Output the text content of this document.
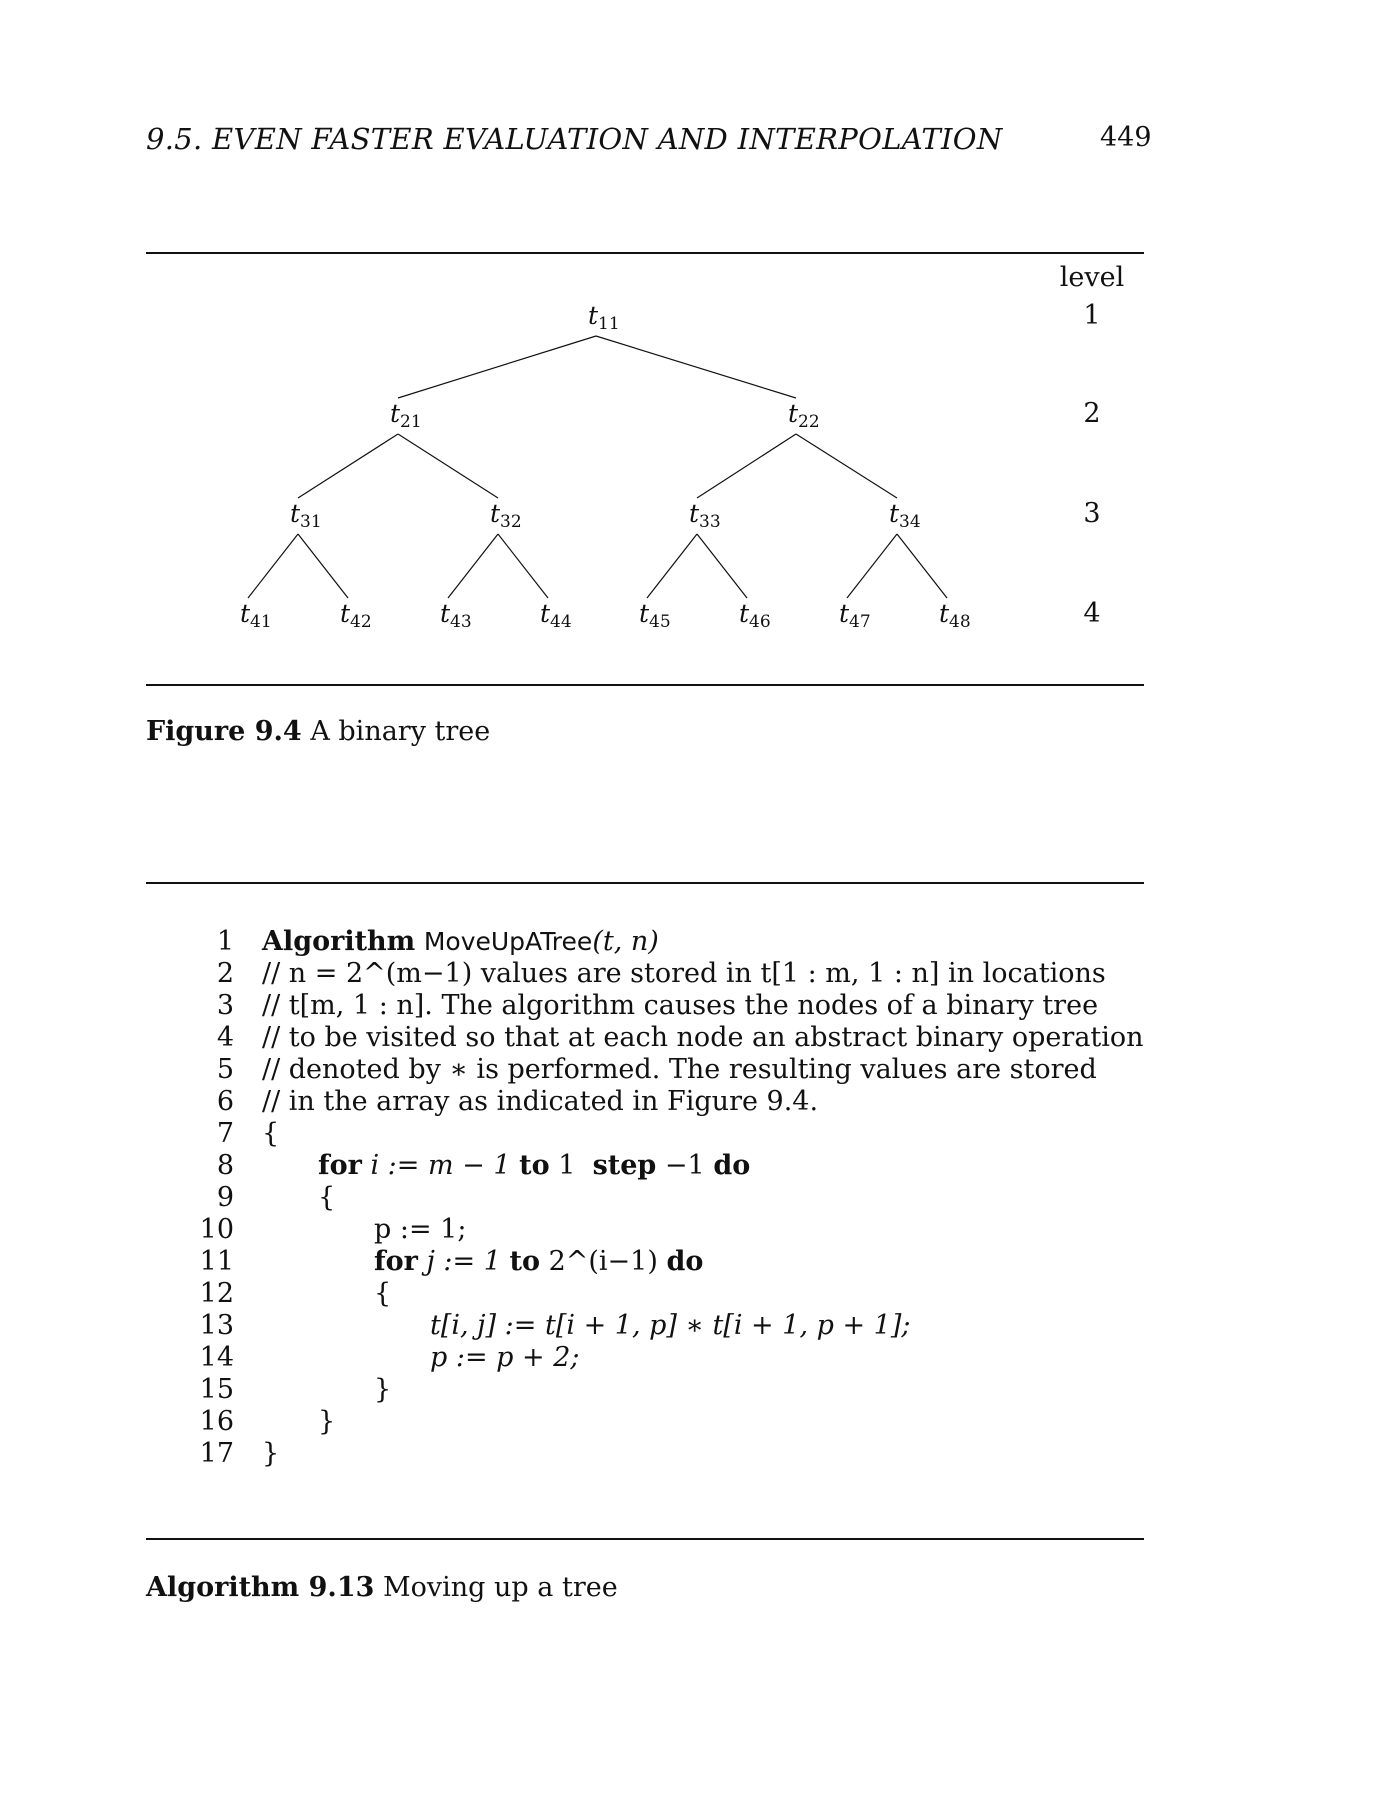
9.5. EVEN FASTER EVALUATION AND INTERPOLATION	449
$t_{11}$
$t_{21}$	$t_{22}$
$t_{31}$	$t_{32}$	$t_{33}$	$t_{34}$
$t_{41}$	$t_{42}$	$t_{43}$	$t_{44}$	$t_{45}$	$t_{46}$	$t_{47}$	$t_{48}$
level
1
2
3
4
Figure 9.4 A binary tree
1 Algorithm MoveUpATree(t, n)
2 // n = 2^(m−1) values are stored in t[1 : m, 1 : n] in locations
3 // t[m, 1 : n]. The algorithm causes the nodes of a binary tree
4 // to be visited so that at each node an abstract binary operation
5 // denoted by ∗ is performed. The resulting values are stored
6 // in the array as indicated in Figure 9.4.
7 {
8	for i := m − 1 to 1 step −1 do
9	{
10	p := 1;
11	for j := 1 to 2^(i−1) do
12	{
13	t[i, j] := t[i + 1, p] ∗ t[i + 1, p + 1];
14	p := p + 2;
15	}
16	}
17 }
Algorithm 9.13 Moving up a tree
